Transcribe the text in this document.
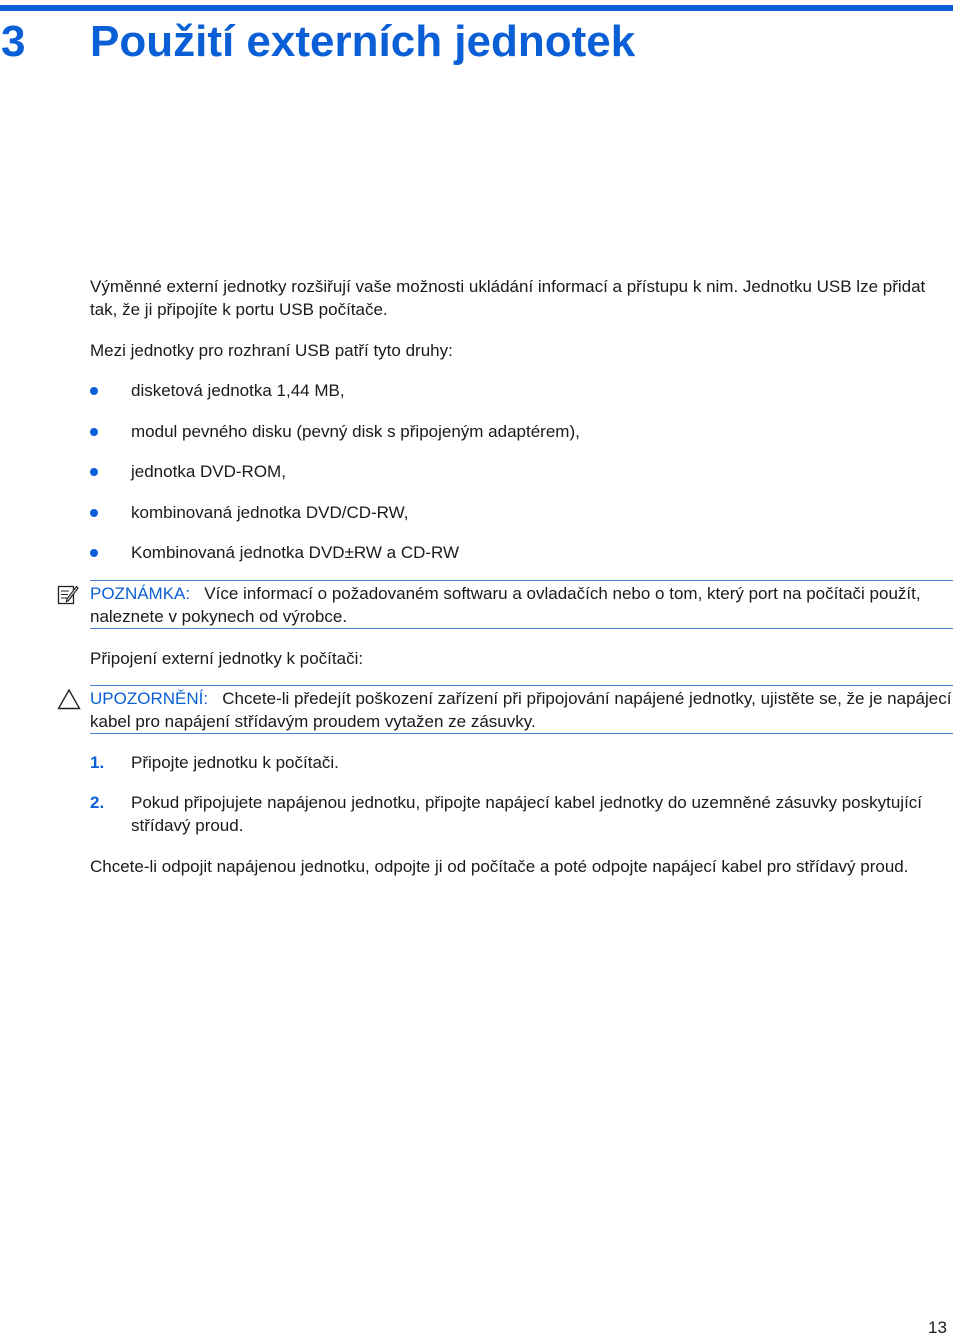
3 Použití externích jednotek

Výměnné externí jednotky rozšiřují vaše možnosti ukládání informací a přístupu k nim. Jednotku USB lze přidat tak, že ji připojíte k portu USB počítače.

Mezi jednotky pro rozhraní USB patří tyto druhy:

disketová jednotka 1,44 MB,
modul pevného disku (pevný disk s připojeným adaptérem),
jednotka DVD-ROM,
kombinovaná jednotka DVD/CD-RW,
Kombinovaná jednotka DVD±RW a CD-RW

POZNÁMKA: Více informací o požadovaném softwaru a ovladačích nebo o tom, který port na počítači použít, naleznete v pokynech od výrobce.

Připojení externí jednotky k počítači:

UPOZORNĚNÍ: Chcete-li předejít poškození zařízení při připojování napájené jednotky, ujistěte se, že je napájecí kabel pro napájení střídavým proudem vytažen ze zásuvky.

1. Připojte jednotku k počítači.
2. Pokud připojujete napájenou jednotku, připojte napájecí kabel jednotky do uzemněné zásuvky poskytující střídavý proud.

Chcete-li odpojit napájenou jednotku, odpojte ji od počítače a poté odpojte napájecí kabel pro střídavý proud.

13
